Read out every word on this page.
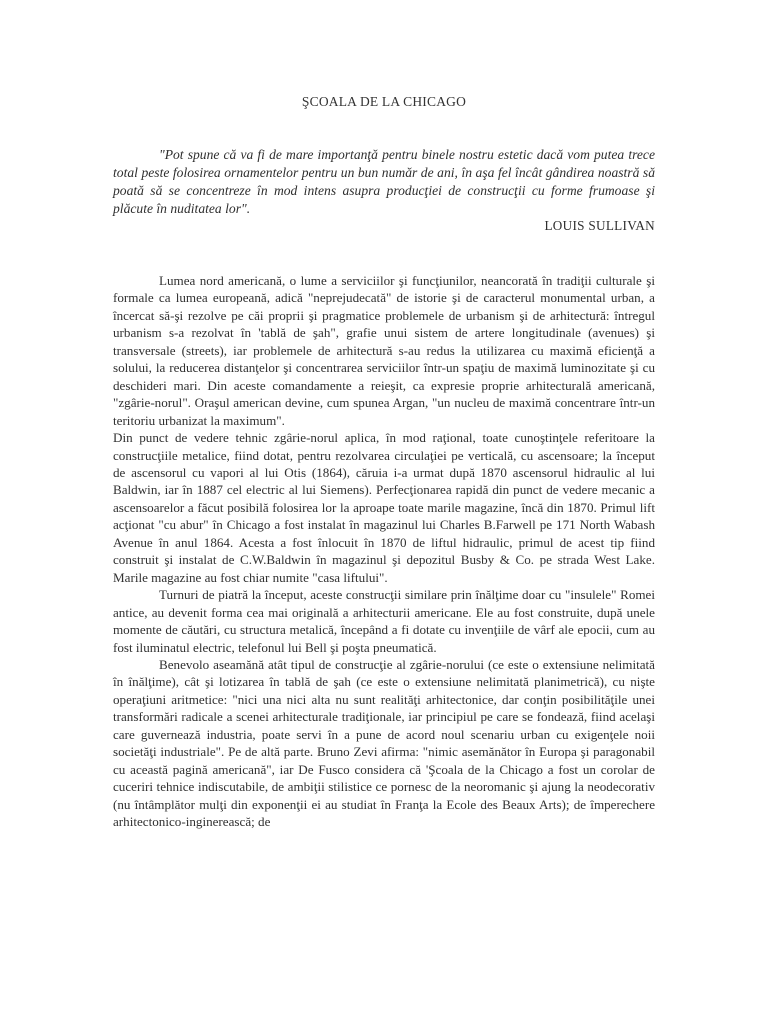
ŞCOALA DE LA CHICAGO
"Pot spune că va fi de mare importanţă pentru binele nostru estetic dacă vom putea trece total peste folosirea ornamentelor pentru un bun număr de ani, în aşa fel încât gândirea noastră să poată să se concentreze în mod intens asupra producţiei de construcţii cu forme frumoase şi plăcute în nuditatea lor".
LOUIS SULLIVAN

Lumea nord americană, o lume a serviciilor şi funcţiunilor, neancorată în tradiţii culturale şi formale ca lumea europeană, adică "neprejudecată" de istorie şi de caracterul monumental urban, a încercat să-şi rezolve pe căi proprii şi pragmatice problemele de urbanism şi de arhitectură: întregul urbanism s-a rezolvat în 'tablă de şah", grafie unui sistem de artere longitudinale (avenues) şi transversale (streets), iar problemele de arhitectură s-au redus la utilizarea cu maximă eficienţă a solului, la reducerea distanţelor şi concentrarea serviciilor într-un spaţiu de maximă luminozitate şi cu deschideri mari. Din aceste comandamente a reieşit, ca expresie proprie arhitecturală americană, "zgârie-norul". Oraşul american devine, cum spunea Argan, "un nucleu de maximă concentrare într-un teritoriu urbanizat la maximum".

Din punct de vedere tehnic zgârie-norul aplica, în mod raţional, toate cunoştinţele referitoare la construcţiile metalice, fiind dotat, pentru rezolvarea circulaţiei pe verticală, cu ascensoare; la început de ascensorul cu vapori al lui Otis (1864), căruia i-a urmat după 1870 ascensorul hidraulic al lui Baldwin, iar în 1887 cel electric al lui Siemens). Perfecţionarea rapidă din punct de vedere mecanic a ascensoarelor a făcut posibilă folosirea lor la aproape toate marile magazine, încă din 1870. Primul lift acţionat "cu abur" în Chicago a fost instalat în magazinul lui Charles B.Farwell pe 171 North Wabash Avenue în anul 1864. Acesta a fost înlocuit în 1870 de liftul hidraulic, primul de acest tip fiind construit şi instalat de C.W.Baldwin în magazinul şi depozitul Busby & Co. pe strada West Lake. Marile magazine au fost chiar numite "casa liftului".

Turnuri de piatră la început, aceste construcţii similare prin înălţime doar cu "insulele" Romei antice, au devenit forma cea mai originală a arhitecturii americane. Ele au fost construite, după unele momente de căutări, cu structura metalică, începând a fi dotate cu invenţiile de vârf ale epocii, cum au fost iluminatul electric, telefonul lui Bell şi poşta pneumatică.

Benevolo aseamănă atât tipul de construcţie al zgârie-norului (ce este o extensiune nelimitată în înălţime), cât şi lotizarea în tablă de şah (ce este o extensiune nelimitată planimetrică), cu nişte operaţiuni aritmetice: "nici una nici alta nu sunt realităţi arhitectonice, dar conţin posibilităţile unei transformări radicale a scenei arhitecturale tradiţionale, iar principiul pe care se fondează, fiind acelaşi care guvernează industria, poate servi în a pune de acord noul scenariu urban cu exigenţele noii societăţi industriale". Pe de altă parte. Bruno Zevi afirma: "nimic asemănător în Europa şi paragonabil cu această pagină americană", iar De Fusco considera că 'Şcoala de la Chicago a fost un corolar de cuceriri tehnice indiscutabile, de ambiţii stilistice ce pornesc de la neoromanic şi ajung la neodecorativ (nu întâmplător mulţi din exponenţii ei au studiat în Franţa la Ecole des Beaux Arts); de împerechere arhitectonico-inginerească; de
